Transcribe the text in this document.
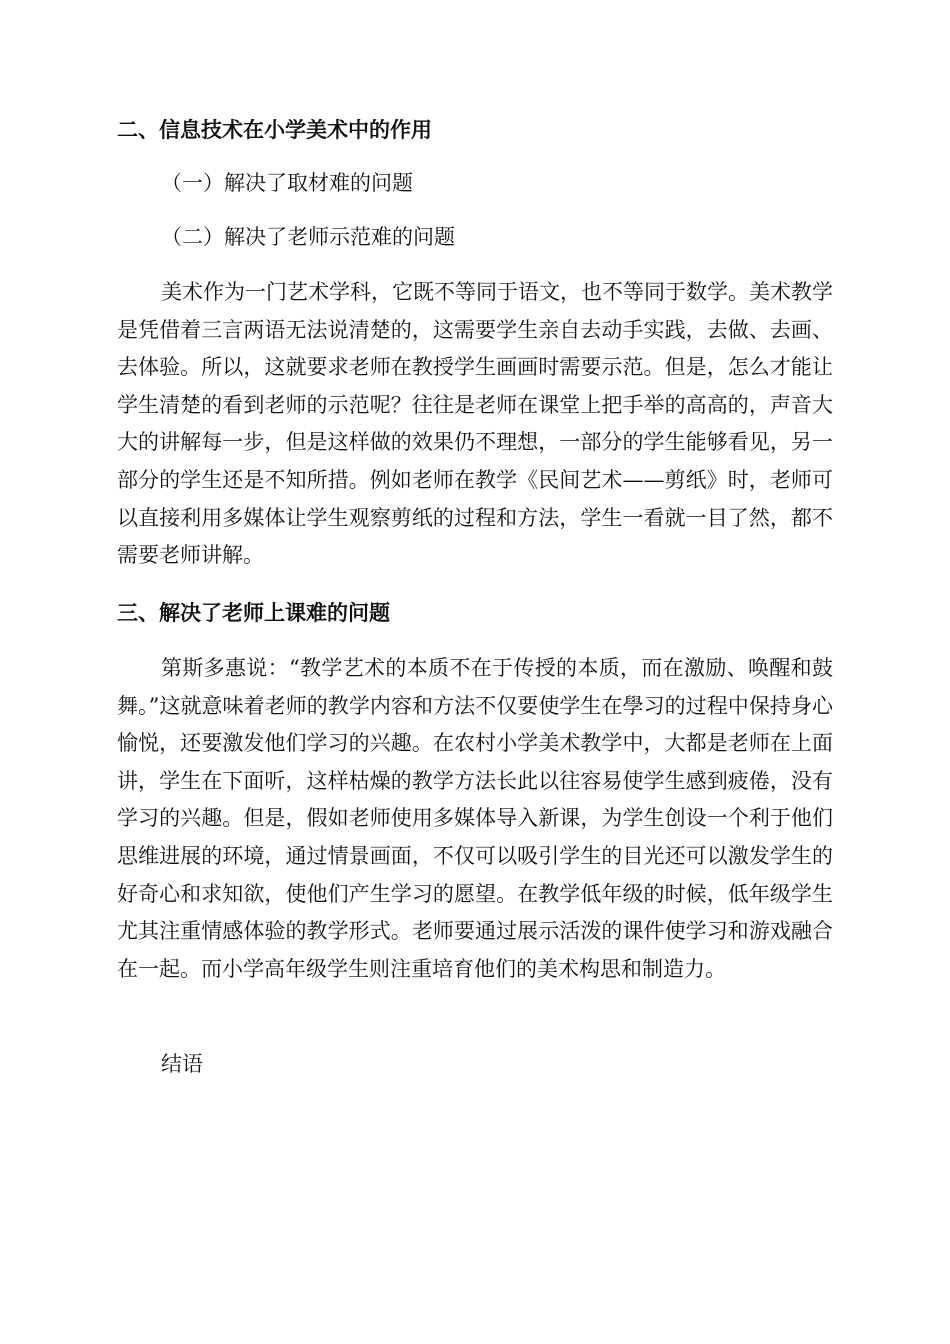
二、信息技术在小学美术中的作用
（一）解决了取材难的问题
（二）解决了老师示范难的问题

美术作为一门艺术学科，它既不等同于语文，也不等同于数学。美术教学是凭借着三言两语无法说清楚的，这需要学生亲自去动手实践，去做、去画、去体验。所以，这就要求老师在教授学生画画时需要示范。但是，怎么才能让学生清楚的看到老师的示范呢？往往是老师在课堂上把手举的高高的，声音大大的讲解每一步，但是这样做的效果仍不理想，一部分的学生能够看见，另一部分的学生还是不知所措。例如老师在教学《民间艺术——剪纸》时，老师可以直接利用多媒体让学生观察剪纸的过程和方法，学生一看就一目了然，都不需要老师讲解。

三、解决了老师上课难的问题

第斯多惠说：“教学艺术的本质不在于传授的本质，而在激励、唤醒和鼓舞。”这就意味着老师的教学内容和方法不仅要使学生在學习的过程中保持身心愉悦，还要激发他们学习的兴趣。在农村小学美术教学中，大都是老师在上面讲，学生在下面听，这样枯燥的教学方法长此以往容易使学生感到疲倦，没有学习的兴趣。但是，假如老师使用多媒体导入新课，为学生创设一个利于他们思维进展的环境，通过情景画面，不仅可以吸引学生的目光还可以激发学生的好奇心和求知欲，使他们产生学习的愿望。在教学低年级的时候，低年级学生尤其注重情感体验的教学形式。老师要通过展示活泼的课件使学习和游戏融合在一起。而小学高年级学生则注重培育他们的美术构思和制造力。

结语
